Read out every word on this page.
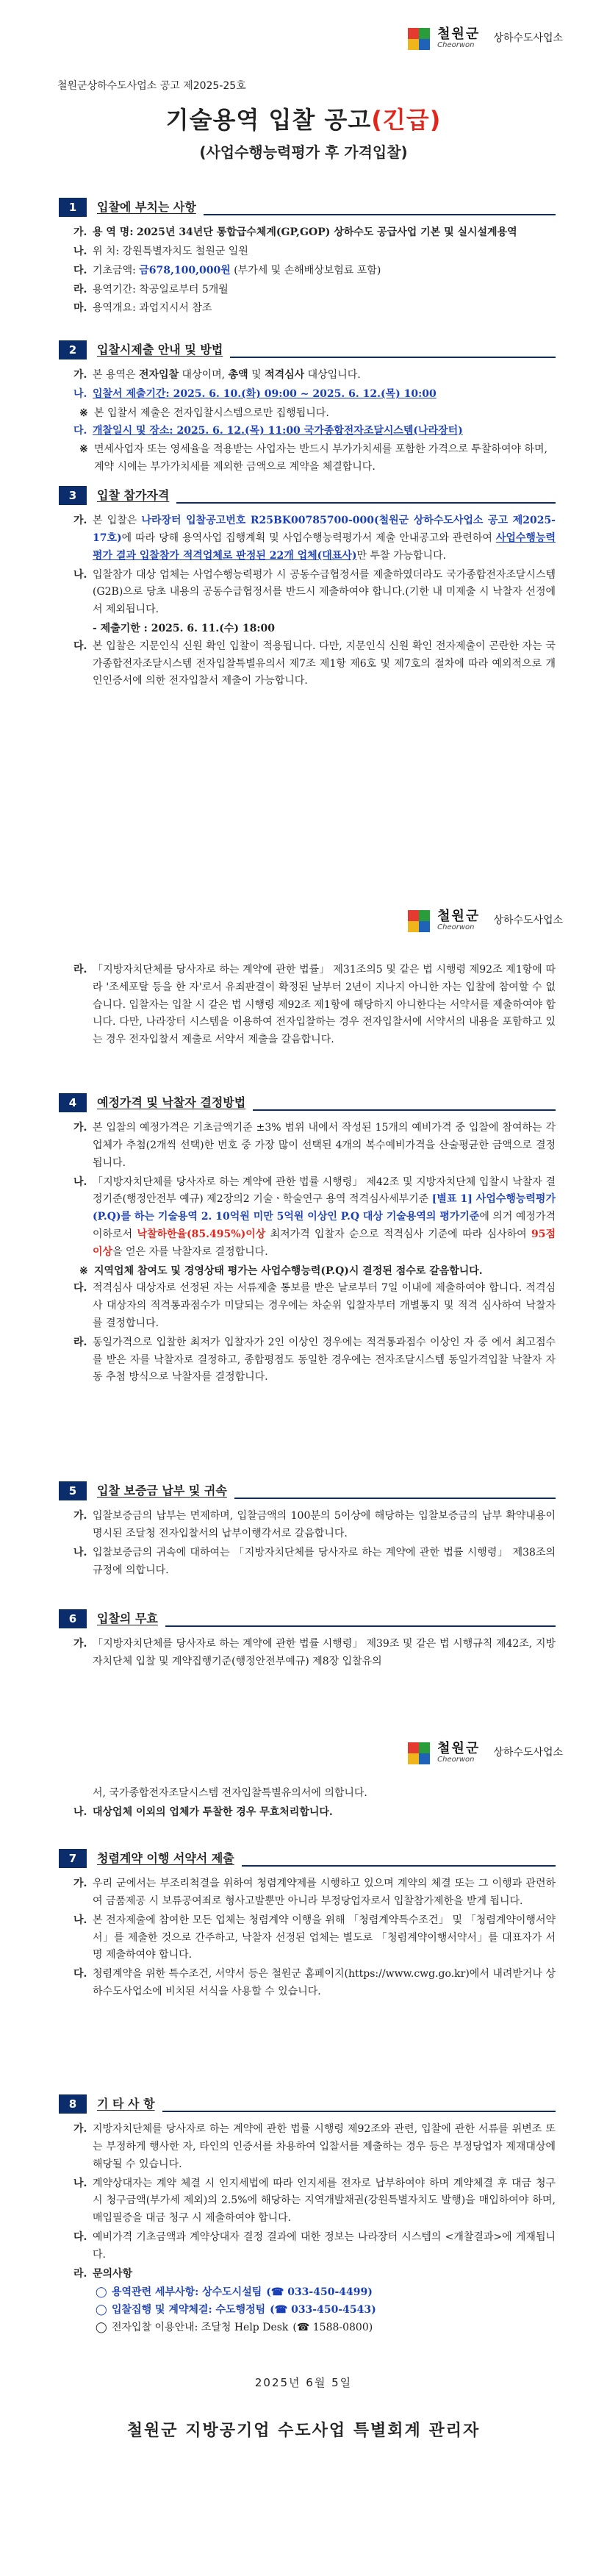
철원군
Cheorwon
상하수도사업소
철원군상하수도사업소 공고 제2025-25호
기술용역 입찰 공고(긴급)
(사업수행능력평가 후 가격입찰)
1	입찰에 부치는 사항
가. 용 역 명: 2025년 34년단 통합급수체계(GP,GOP) 상하수도 공급사업 기본 및 실시설계용역
나. 위 치: 강원특별자치도 철원군 일원
다. 기초금액: 금678,100,000원 (부가세 및 손해배상보험료 포함)
라. 용역기간: 착공일로부터 5개월
마. 용역개요: 과업지시서 참조
2	입찰시제출 안내 및 방법
가. 본 용역은 전자입찰 대상이며, 총액 및 적격심사 대상입니다.
나. 입찰서 제출기간: 2025. 6. 10.(화) 09:00 ~ 2025. 6. 12.(목) 10:00
※ 본 입찰서 제출은 전자입찰시스템으로만 집행됩니다.
다. 개찰일시 및 장소: 2025. 6. 12.(목) 11:00 국가종합전자조달시스템(나라장터)
※ 면세사업자 또는 영세율을 적용받는 사업자는 반드시 부가가치세를 포함한 가격으로 투찰하여야 하며, 계약 시에는 부가가치세를 제외한 금액으로 계약을 체결합니다.
3	입찰 참가자격
가. 본 입찰은 나라장터 입찰공고번호 R25BK00785700-000(철원군 상하수도사업소 공고 제2025-17호)에 따라 당해 용역사업 집행계획 및 사업수행능력평가서 제출 안내공고와 관련하여 사업수행능력 평가 결과 입찰참가 적격업체로 판정된 22개 업체(대표사)만 투찰 가능합니다.
나. 입찰참가 대상 업체는 사업수행능력평가 시 공동수급협정서를 제출하였더라도 국가종합전자조달시스템(G2B)으로 당초 내용의 공동수급협정서를 반드시 제출하여야 합니다.(기한 내 미제출 시 낙찰자 선정에서 제외됩니다.
- 제출기한 : 2025. 6. 11.(수) 18:00
다. 본 입찰은 지문인식 신원 확인 입찰이 적용됩니다. 다만, 지문인식 신원 확인 전자제출이 곤란한 자는 국가종합전자조달시스템 전자입찰특별유의서 제7조 제1항 제6호 및 제7호의 절차에 따라 예외적으로 개인인증서에 의한 전자입찰서 제출이 가능합니다.
철원군
Cheorwon
상하수도사업소
라. 「지방자치단체를 당사자로 하는 계약에 관한 법률」 제31조의5 및 같은 법 시행령 제92조 제1항에 따라 '조세포탈 등을 한 자'로서 유죄판결이 확정된 날부터 2년이 지나지 아니한 자는 입찰에 참여할 수 없습니다. 입찰자는 입찰 시 같은 법 시행령 제92조 제1항에 해당하지 아니한다는 서약서를 제출하여야 합니다. 다만, 나라장터 시스템을 이용하여 전자입찰하는 경우 전자입찰서에 서약서의 내용을 포함하고 있는 경우 전자입찰서 제출로 서약서 제출을 갈음합니다.
4	예정가격 및 낙찰자 결정방법
가. 본 입찰의 예정가격은 기초금액기준 ±3% 범위 내에서 작성된 15개의 예비가격 중 입찰에 참여하는 각 업체가 추첨(2개씩 선택)한 번호 중 가장 많이 선택된 4개의 복수예비가격을 산술평균한 금액으로 결정됩니다.
나. 「지방자치단체를 당사자로 하는 계약에 관한 법률 시행령」 제42조 및 지방자치단체 입찰시 낙찰자 결정기준(행정안전부 예규) 제2장의2 기술ㆍ학술연구 용역 적격심사세부기준 [별표 1] 사업수행능력평가(P.Q)를 하는 기술용역 2. 10억원 미만 5억원 이상인 P.Q 대상 기술용역의 평가기준에 의거 예정가격 이하로서 낙찰하한율(85.495%)이상 최저가격 입찰자 순으로 적격심사 기준에 따라 심사하여 95점 이상을 얻은 자를 낙찰자로 결정합니다.
※ 지역업체 참여도 및 경영상태 평가는 사업수행능력(P.Q)시 결정된 점수로 갈음합니다.
다. 적격심사 대상자로 선정된 자는 서류제출 통보를 받은 날로부터 7일 이내에 제출하여야 합니다. 적격심사 대상자의 적격통과점수가 미달되는 경우에는 차순위 입찰자부터 개별통지 및 적격 심사하여 낙찰자를 결정합니다.
라. 동일가격으로 입찰한 최저가 입찰자가 2인 이상인 경우에는 적격통과점수 이상인 자 중 에서 최고점수를 받은 자를 낙찰자로 결정하고, 종합평점도 동일한 경우에는 전자조달시스템 동일가격입찰 낙찰자 자동 추첨 방식으로 낙찰자를 결정합니다.
5	입찰 보증금 납부 및 귀속
가. 입찰보증금의 납부는 면제하며, 입찰금액의 100분의 5이상에 해당하는 입찰보증금의 납부 확약내용이 명시된 조달청 전자입찰서의 납부이행각서로 갈음합니다.
나. 입찰보증금의 귀속에 대하여는 「지방자치단체를 당사자로 하는 계약에 관한 법률 시행령」 제38조의 규정에 의합니다.
6	입찰의 무효
가. 「지방자치단체를 당사자로 하는 계약에 관한 법률 시행령」 제39조 및 같은 법 시행규칙 제42조, 지방자치단체 입찰 및 계약집행기준(행정안전부예규) 제8장 입찰유의
철원군
Cheorwon
상하수도사업소
서, 국가종합전자조달시스템 전자입찰특별유의서에 의합니다.
나. 대상업체 이외의 업체가 투찰한 경우 무효처리합니다.
7	청렴계약 이행 서약서 제출
가. 우리 군에서는 부조리척결을 위하여 청렴계약제를 시행하고 있으며 계약의 체결 또는 그 이행과 관련하여 금품제공 시 보류공여죄로 형사고발뿐만 아니라 부정당업자로서 입찰참가제한을 받게 됩니다.
나. 본 전자제출에 참여한 모든 업체는 청렴계약 이행을 위해 「청렴계약특수조건」 및 「청렴계약이행서약서」를 제출한 것으로 간주하고, 낙찰자 선정된 업체는 별도로 「청렴계약이행서약서」를 대표자가 서명 제출하여야 합니다.
다. 청렴계약을 위한 특수조건, 서약서 등은 철원군 홈페이지(https://www.cwg.go.kr)에서 내려받거나 상하수도사업소에 비치된 서식을 사용할 수 있습니다.
8	기 타 사 항
가. 지방자치단체를 당사자로 하는 계약에 관한 법률 시행령 제92조와 관련, 입찰에 관한 서류를 위변조 또는 부정하게 행사한 자, 타인의 인증서를 차용하여 입찰서를 제출하는 경우 등은 부정당업자 제재대상에 해당될 수 있습니다.
나. 계약상대자는 계약 체결 시 인지세법에 따라 인지세를 전자로 납부하여야 하며 계약체결 후 대금 청구 시 청구금액(부가세 제외)의 2.5%에 해당하는 지역개발채권(강원특별자치도 발행)을 매입하여야 하며, 매입필증을 대금 청구 시 제출하여야 합니다.
다. 예비가격 기초금액과 계약상대자 결정 결과에 대한 정보는 나라장터 시스템의 <개찰결과>에 게재됩니다.
라. 문의사항
◯ 용역관련 세부사항: 상수도시설팀 (☎ 033-450-4499)
◯ 입찰집행 및 계약체결: 수도행정팀 (☎ 033-450-4543)
◯ 전자입찰 이용안내: 조달청 Help Desk (☎ 1588-0800)
2025년 6월 5일
철원군 지방공기업 수도사업 특별회계 관리자
